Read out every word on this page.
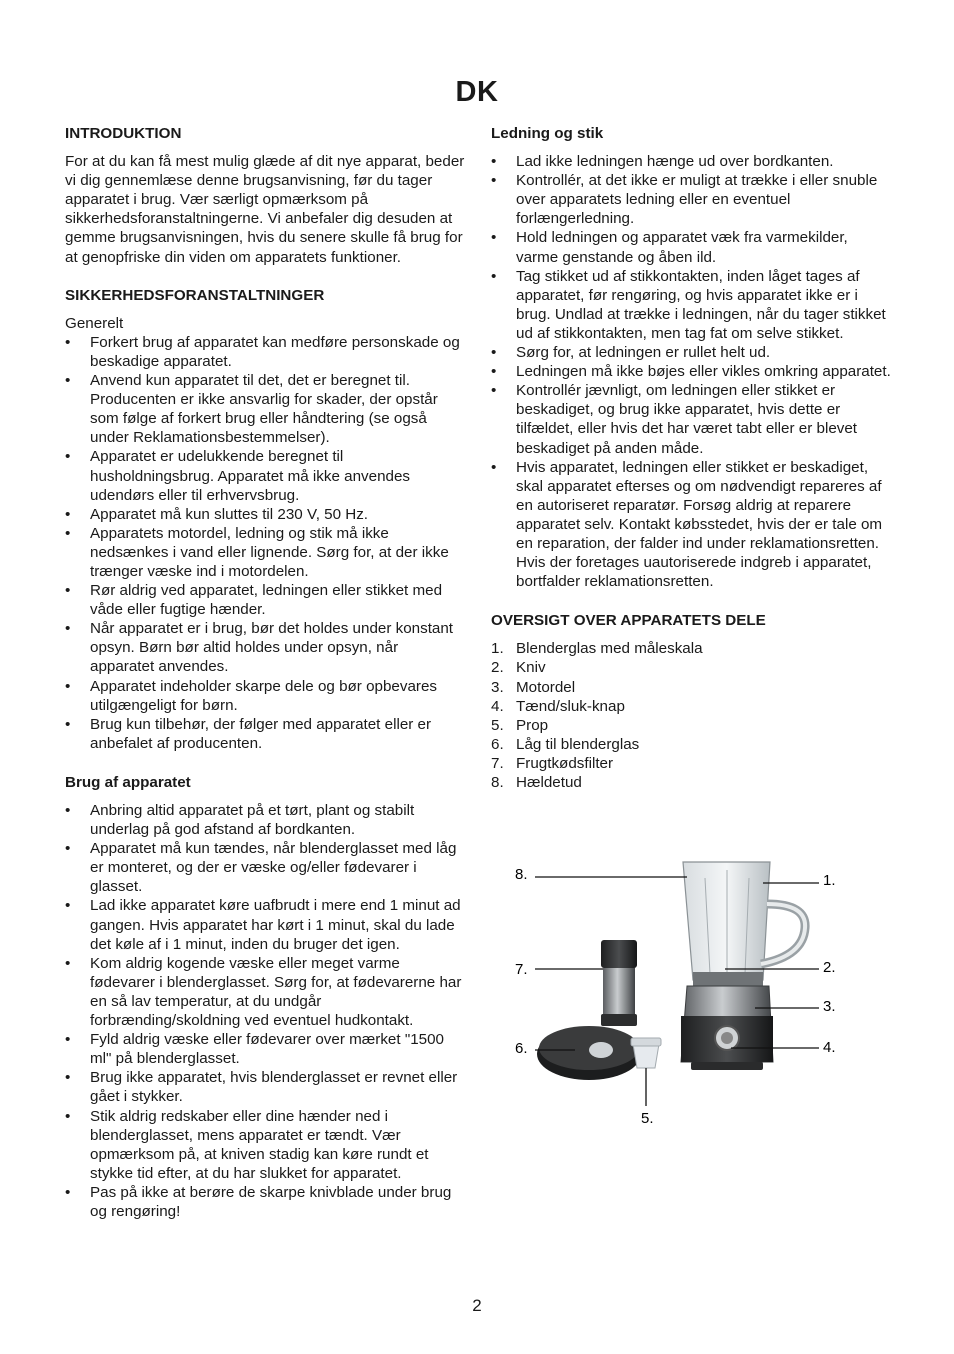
DK
INTRODUKTION

For at du kan få mest mulig glæde af dit nye apparat, beder vi dig gennemlæse denne brugsanvisning, før du tager apparatet i brug. Vær særligt opmærksom på sikkerhedsforanstaltningerne. Vi anbefaler dig desuden at gemme brugsanvisningen, hvis du senere skulle få brug for at genopfriske din viden om apparatets funktioner.

SIKKERHEDSFORANSTALTNINGER

Generelt

• Forkert brug af apparatet kan medføre personskade og beskadige apparatet.
• Anvend kun apparatet til det, det er beregnet til. Producenten er ikke ansvarlig for skader, der opstår som følge af forkert brug eller håndtering (se også under Reklamationsbestemmelser).
• Apparatet er udelukkende beregnet til husholdningsbrug. Apparatet må ikke anvendes udendørs eller til erhvervsbrug.
• Apparatet må kun sluttes til 230 V, 50 Hz.
• Apparatets motordel, ledning og stik må ikke nedsænkes i vand eller lignende. Sørg for, at der ikke trænger væske ind i motordelen.
• Rør aldrig ved apparatet, ledningen eller stikket med våde eller fugtige hænder.
• Når apparatet er i brug, bør det holdes under konstant opsyn. Børn bør altid holdes under opsyn, når apparatet anvendes.
• Apparatet indeholder skarpe dele og bør opbevares utilgængeligt for børn.
• Brug kun tilbehør, der følger med apparatet eller er anbefalet af producenten.
Brug af apparatet
• Anbring altid apparatet på et tørt, plant og stabilt underlag på god afstand af bordkanten.
• Apparatet må kun tændes, når blenderglasset med låg er monteret, og der er væske og/eller fødevarer i glasset.
• Lad ikke apparatet køre uafbrudt i mere end 1 minut ad gangen. Hvis apparatet har kørt i 1 minut, skal du lade det køle af i 1 minut, inden du bruger det igen.
• Kom aldrig kogende væske eller meget varme fødevarer i blenderglasset. Sørg for, at fødevarerne har en så lav temperatur, at du undgår forbrænding/skoldning ved eventuel hudkontakt.
• Fyld aldrig væske eller fødevarer over mærket "1500 ml" på blenderglasset.
• Brug ikke apparatet, hvis blenderglasset er revnet eller gået i stykker.
• Stik aldrig redskaber eller dine hænder ned i blenderglasset, mens apparatet er tændt. Vær opmærksom på, at kniven stadig kan køre rundt et stykke tid efter, at du har slukket for apparatet.
• Pas på ikke at berøre de skarpe knivblade under brug og rengøring!
Ledning og stik
• Lad ikke ledningen hænge ud over bordkanten.
• Kontrollér, at det ikke er muligt at trække i eller snuble over apparatets ledning eller en eventuel forlængerledning.
• Hold ledningen og apparatet væk fra varmekilder, varme genstande og åben ild.
• Tag stikket ud af stikkontakten, inden låget tages af apparatet, før rengøring, og hvis apparatet ikke er i brug. Undlad at trække i ledningen, når du tager stikket ud af stikkontakten, men tag fat om selve stikket.
• Sørg for, at ledningen er rullet helt ud.
• Ledningen må ikke bøjes eller vikles omkring apparatet.
• Kontrollér jævnligt, om ledningen eller stikket er beskadiget, og brug ikke apparatet, hvis dette er tilfældet, eller hvis det har været tabt eller er blevet beskadiget på anden måde.
• Hvis apparatet, ledningen eller stikket er beskadiget, skal apparatet efterses og om nødvendigt repareres af en autoriseret reparatør. Forsøg aldrig at reparere apparatet selv. Kontakt købsstedet, hvis der er tale om en reparation, der falder ind under reklamationsretten. Hvis der foretages uautoriserede indgreb i apparatet, bortfalder reklamationsretten.
OVERSIGT OVER APPARATETS DELE
1. Blenderglas med måleskala
2. Kniv
3. Motordel
4. Tænd/sluk-knap
5. Prop
6. Låg til blenderglas
7. Frugtkødsfilter
8. Hældetud
8.	1.
7.	2.
3.
6.	4.
5.
2
